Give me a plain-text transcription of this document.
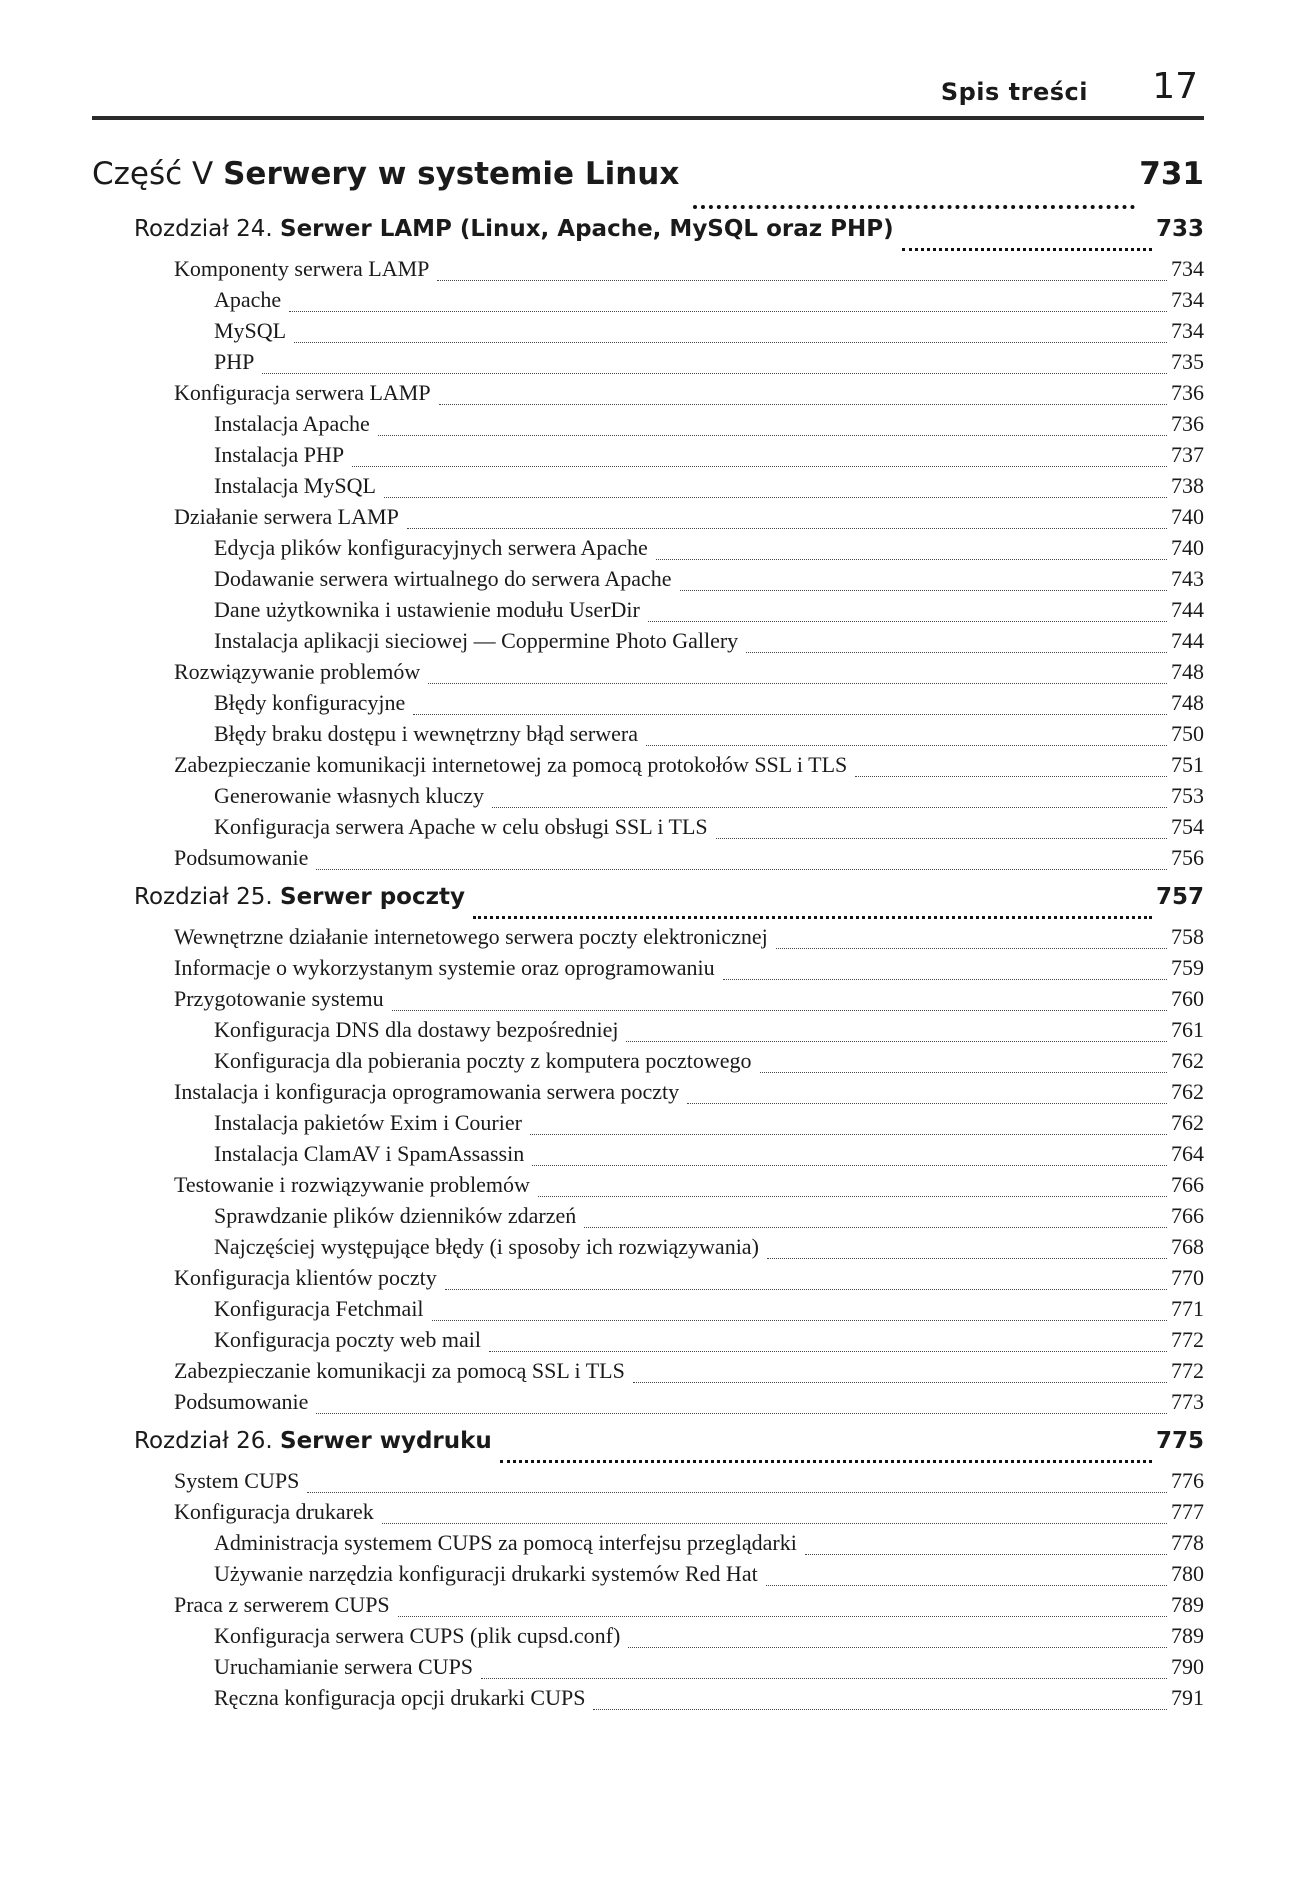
Spis treści 17
Część V Serwery w systemie Linux	731
Rozdział 24. Serwer LAMP (Linux, Apache, MySQL oraz PHP)	733
Komponenty serwera LAMP	734
Apache	734
MySQL	734
PHP	735
Konfiguracja serwera LAMP	736
Instalacja Apache	736
Instalacja PHP	737
Instalacja MySQL	738
Działanie serwera LAMP	740
Edycja plików konfiguracyjnych serwera Apache	740
Dodawanie serwera wirtualnego do serwera Apache	743
Dane użytkownika i ustawienie modułu UserDir	744
Instalacja aplikacji sieciowej — Coppermine Photo Gallery	744
Rozwiązywanie problemów	748
Błędy konfiguracyjne	748
Błędy braku dostępu i wewnętrzny błąd serwera	750
Zabezpieczanie komunikacji internetowej za pomocą protokołów SSL i TLS	751
Generowanie własnych kluczy	753
Konfiguracja serwera Apache w celu obsługi SSL i TLS	754
Podsumowanie	756
Rozdział 25. Serwer poczty	757
Wewnętrzne działanie internetowego serwera poczty elektronicznej	758
Informacje o wykorzystanym systemie oraz oprogramowaniu	759
Przygotowanie systemu	760
Konfiguracja DNS dla dostawy bezpośredniej	761
Konfiguracja dla pobierania poczty z komputera pocztowego	762
Instalacja i konfiguracja oprogramowania serwera poczty	762
Instalacja pakietów Exim i Courier	762
Instalacja ClamAV i SpamAssassin	764
Testowanie i rozwiązywanie problemów	766
Sprawdzanie plików dzienników zdarzeń	766
Najczęściej występujące błędy (i sposoby ich rozwiązywania)	768
Konfiguracja klientów poczty	770
Konfiguracja Fetchmail	771
Konfiguracja poczty web mail	772
Zabezpieczanie komunikacji za pomocą SSL i TLS	772
Podsumowanie	773
Rozdział 26. Serwer wydruku	775
System CUPS	776
Konfiguracja drukarek	777
Administracja systemem CUPS za pomocą interfejsu przeglądarki	778
Używanie narzędzia konfiguracji drukarki systemów Red Hat	780
Praca z serwerem CUPS	789
Konfiguracja serwera CUPS (plik cupsd.conf)	789
Uruchamianie serwera CUPS	790
Ręczna konfiguracja opcji drukarki CUPS	791
